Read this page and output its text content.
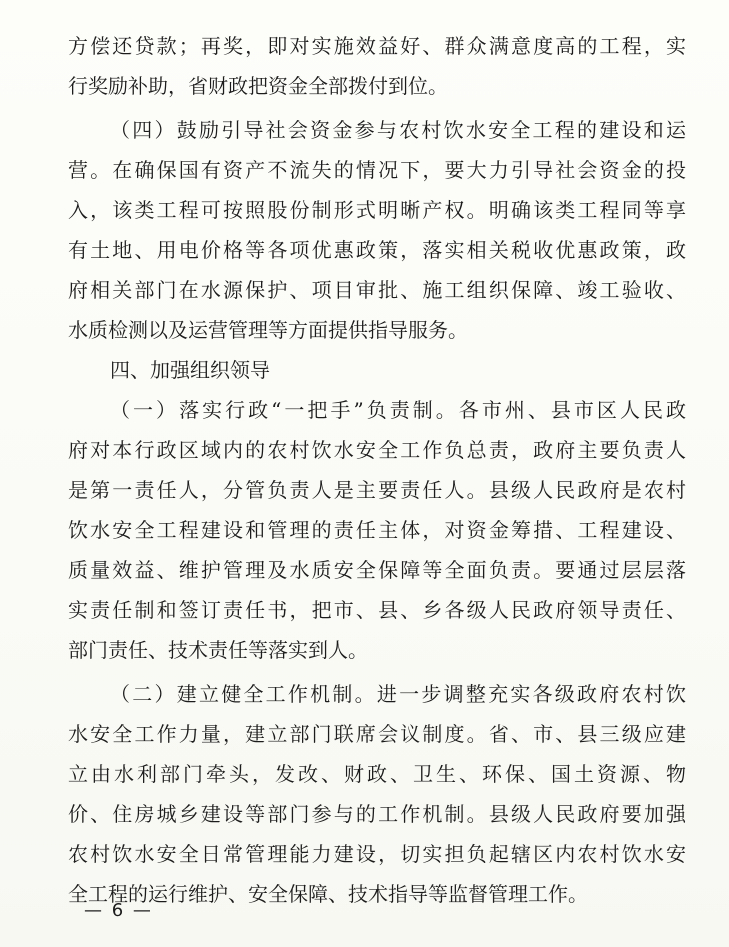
方偿还贷款；再奖，即对实施效益好、群众满意度高的工程，实
行奖励补助，省财政把资金全部拨付到位。
（四）鼓励引导社会资金参与农村饮水安全工程的建设和运
营。在确保国有资产不流失的情况下，要大力引导社会资金的投
入，该类工程可按照股份制形式明晰产权。明确该类工程同等享
有土地、用电价格等各项优惠政策，落实相关税收优惠政策，政
府相关部门在水源保护、项目审批、施工组织保障、竣工验收、
水质检测以及运营管理等方面提供指导服务。
四、加强组织领导
（一）落实行政“一把手”负责制。各市州、县市区人民政
府对本行政区域内的农村饮水安全工作负总责，政府主要负责人
是第一责任人，分管负责人是主要责任人。县级人民政府是农村
饮水安全工程建设和管理的责任主体，对资金筹措、工程建设、
质量效益、维护管理及水质安全保障等全面负责。要通过层层落
实责任制和签订责任书，把市、县、乡各级人民政府领导责任、
部门责任、技术责任等落实到人。
（二）建立健全工作机制。进一步调整充实各级政府农村饮
水安全工作力量，建立部门联席会议制度。省、市、县三级应建
立由水利部门牵头，发改、财政、卫生、环保、国土资源、物
价、住房城乡建设等部门参与的工作机制。县级人民政府要加强
农村饮水安全日常管理能力建设，切实担负起辖区内农村饮水安
全工程的运行维护、安全保障、技术指导等监督管理工作。
— 6 —
